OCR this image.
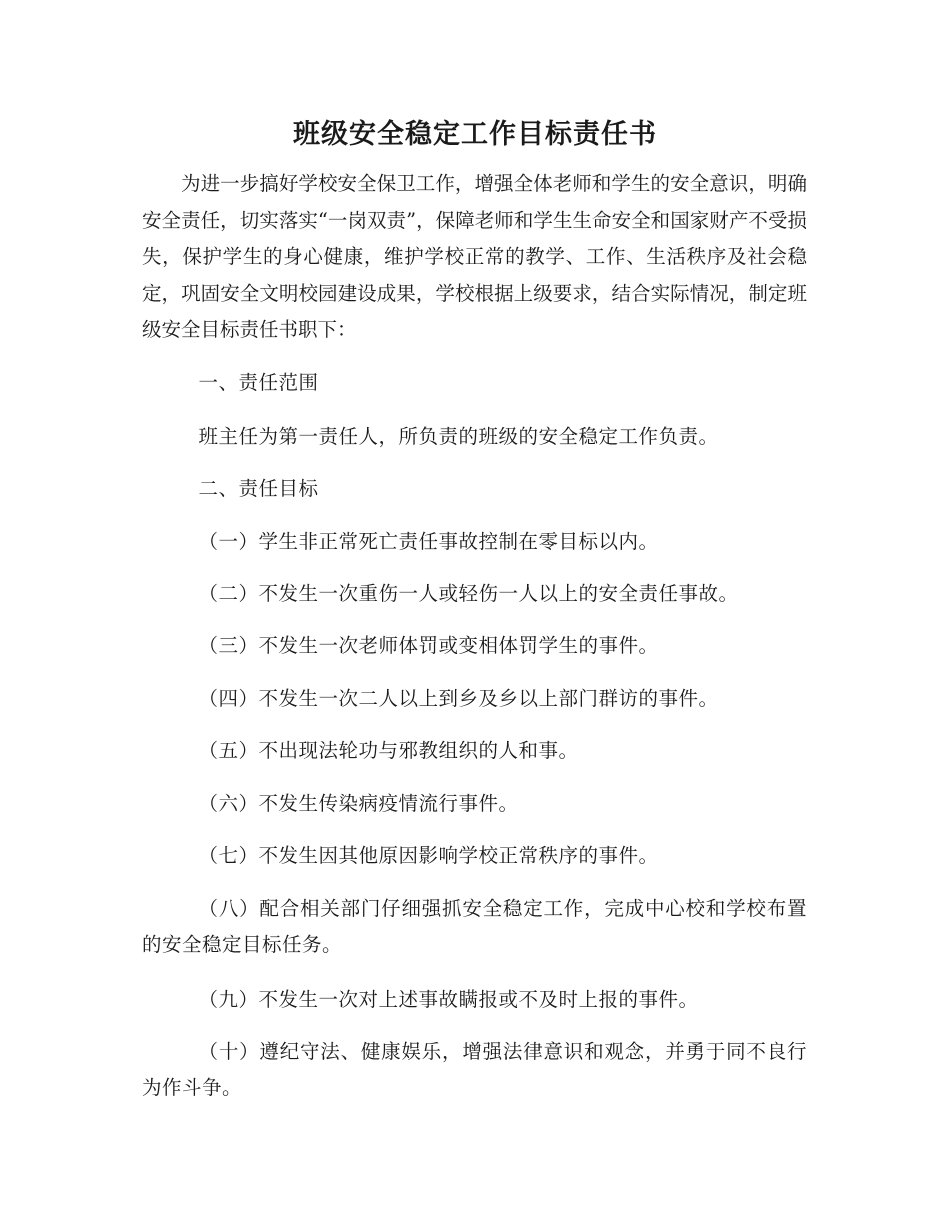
班级安全稳定工作目标责任书

为进一步搞好学校安全保卫工作，增强全体老师和学生的安全意识，明确安全责任，切实落实“一岗双责”，保障老师和学生生命安全和国家财产不受损失，保护学生的身心健康，维护学校正常的教学、工作、生活秩序及社会稳定，巩固安全文明校园建设成果，学校根据上级要求，结合实际情况，制定班级安全目标责任书职下：

一、责任范围

班主任为第一责任人，所负责的班级的安全稳定工作负责。

二、责任目标

（一）学生非正常死亡责任事故控制在零目标以内。

（二）不发生一次重伤一人或轻伤一人以上的安全责任事故。

（三）不发生一次老师体罚或变相体罚学生的事件。

（四）不发生一次二人以上到乡及乡以上部门群访的事件。

（五）不出现法轮功与邪教组织的人和事。

（六）不发生传染病疫情流行事件。

（七）不发生因其他原因影响学校正常秩序的事件。

（八）配合相关部门仔细强抓安全稳定工作，完成中心校和学校布置的安全稳定目标任务。

（九）不发生一次对上述事故瞒报或不及时上报的事件。

（十）遵纪守法、健康娱乐，增强法律意识和观念，并勇于同不良行为作斗争。
